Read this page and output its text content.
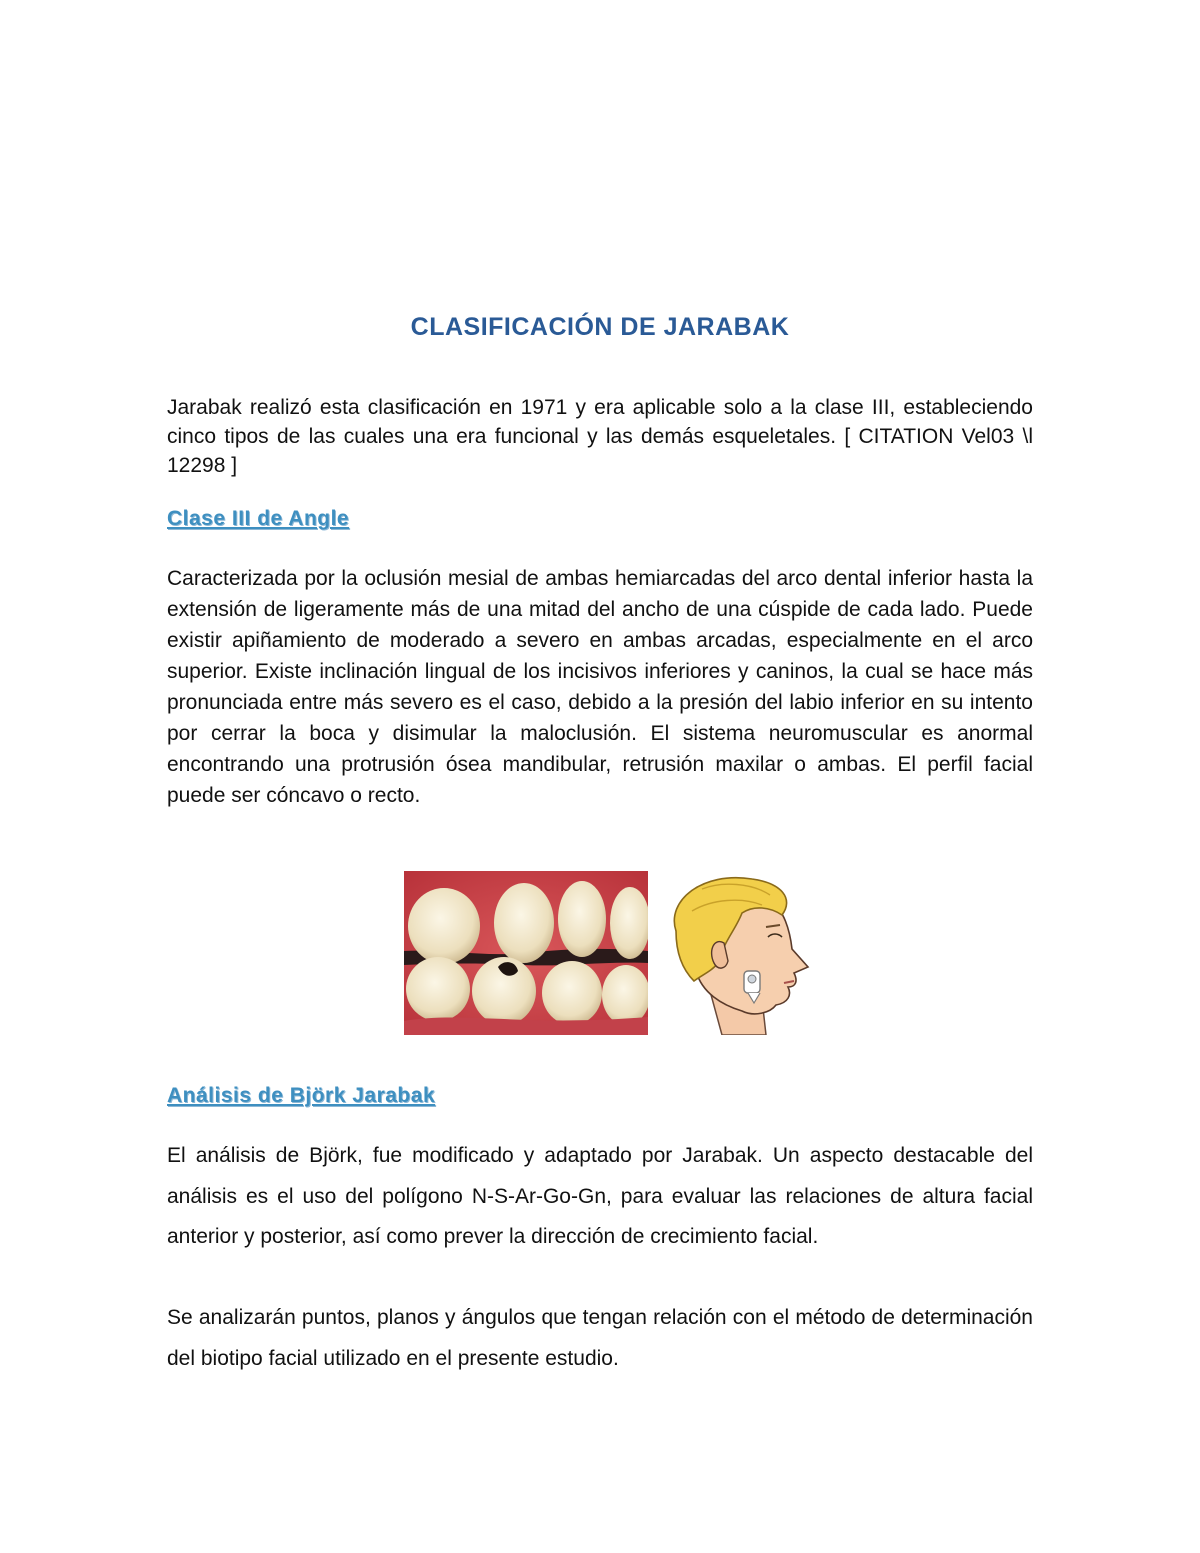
CLASIFICACIÓN DE JARABAK

Jarabak realizó esta clasificación en 1971 y era aplicable solo a la clase III, estableciendo cinco tipos de las cuales una era funcional y las demás esqueletales. [ CITATION Vel03 \l 12298 ]

Clase III de Angle

Caracterizada por la oclusión mesial de ambas hemiarcadas del arco dental inferior hasta la extensión de ligeramente más de una mitad del ancho de una cúspide de cada lado. Puede existir apiñamiento de moderado a severo en ambas arcadas, especialmente en el arco superior. Existe inclinación lingual de los incisivos inferiores y caninos, la cual se hace más pronunciada entre más severo es el caso, debido a la presión del labio inferior en su intento por cerrar la boca y disimular la maloclusión. El sistema neuromuscular es anormal encontrando una protrusión ósea mandibular, retrusión maxilar o ambas. El perfil facial puede ser cóncavo o recto.

Análisis de Björk Jarabak

El análisis de Björk, fue modificado y adaptado por Jarabak. Un aspecto destacable del análisis es el uso del polígono N-S-Ar-Go-Gn, para evaluar las relaciones de altura facial anterior y posterior, así como prever la dirección de crecimiento facial.

Se analizarán puntos, planos y ángulos que tengan relación con el método de determinación del biotipo facial utilizado en el presente estudio.
